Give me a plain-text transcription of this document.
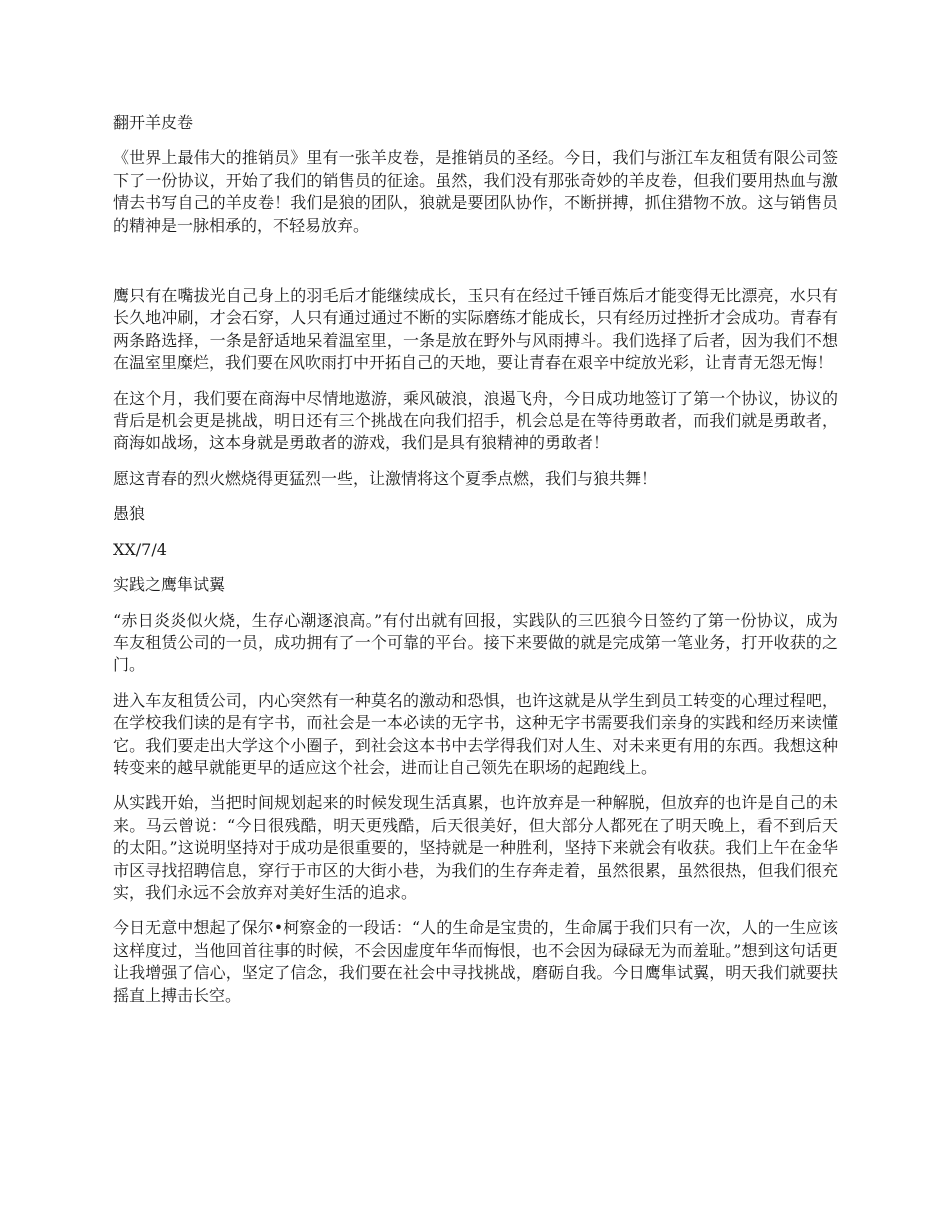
翻开羊皮卷

《世界上最伟大的推销员》里有一张羊皮卷，是推销员的圣经。今日，我们与浙江车友租赁有限公司签下了一份协议，开始了我们的销售员的征途。虽然，我们没有那张奇妙的羊皮卷，但我们要用热血与激情去书写自己的羊皮卷！我们是狼的团队，狼就是要团队协作，不断拼搏，抓住猎物不放。这与销售员的精神是一脉相承的，不轻易放弃。

鹰只有在嘴拔光自己身上的羽毛后才能继续成长，玉只有在经过千锤百炼后才能变得无比漂亮，水只有长久地冲刷，才会石穿，人只有通过通过不断的实际磨练才能成长，只有经历过挫折才会成功。青春有两条路选择，一条是舒适地呆着温室里，一条是放在野外与风雨搏斗。我们选择了后者，因为我们不想在温室里糜烂，我们要在风吹雨打中开拓自己的天地，要让青春在艰辛中绽放光彩，让青青无怨无悔！

在这个月，我们要在商海中尽情地遨游，乘风破浪，浪遏飞舟，今日成功地签订了第一个协议，协议的背后是机会更是挑战，明日还有三个挑战在向我们招手，机会总是在等待勇敢者，而我们就是勇敢者，商海如战场，这本身就是勇敢者的游戏，我们是具有狼精神的勇敢者！

愿这青春的烈火燃烧得更猛烈一些，让激情将这个夏季点燃，我们与狼共舞！

愚狼

XX/7/4

实践之鹰隼试翼

“赤日炎炎似火烧，生存心潮逐浪高。”有付出就有回报，实践队的三匹狼今日签约了第一份协议，成为车友租赁公司的一员，成功拥有了一个可靠的平台。接下来要做的就是完成第一笔业务，打开收获的之门。

进入车友租赁公司，内心突然有一种莫名的激动和恐惧，也许这就是从学生到员工转变的心理过程吧，在学校我们读的是有字书，而社会是一本必读的无字书，这种无字书需要我们亲身的实践和经历来读懂它。我们要走出大学这个小圈子，到社会这本书中去学得我们对人生、对未来更有用的东西。我想这种转变来的越早就能更早的适应这个社会，进而让自己领先在职场的起跑线上。

从实践开始，当把时间规划起来的时候发现生活真累，也许放弃是一种解脱，但放弃的也许是自己的未来。马云曾说：“今日很残酷，明天更残酷，后天很美好，但大部分人都死在了明天晚上，看不到后天的太阳。”这说明坚持对于成功是很重要的，坚持就是一种胜利，坚持下来就会有收获。我们上午在金华市区寻找招聘信息，穿行于市区的大街小巷，为我们的生存奔走着，虽然很累，虽然很热，但我们很充实，我们永远不会放弃对美好生活的追求。

今日无意中想起了保尔•柯察金的一段话：“人的生命是宝贵的，生命属于我们只有一次，人的一生应该这样度过，当他回首往事的时候，不会因虚度年华而悔恨，也不会因为碌碌无为而羞耻。”想到这句话更让我增强了信心，坚定了信念，我们要在社会中寻找挑战，磨砺自我。今日鹰隼试翼，明天我们就要扶摇直上搏击长空。
